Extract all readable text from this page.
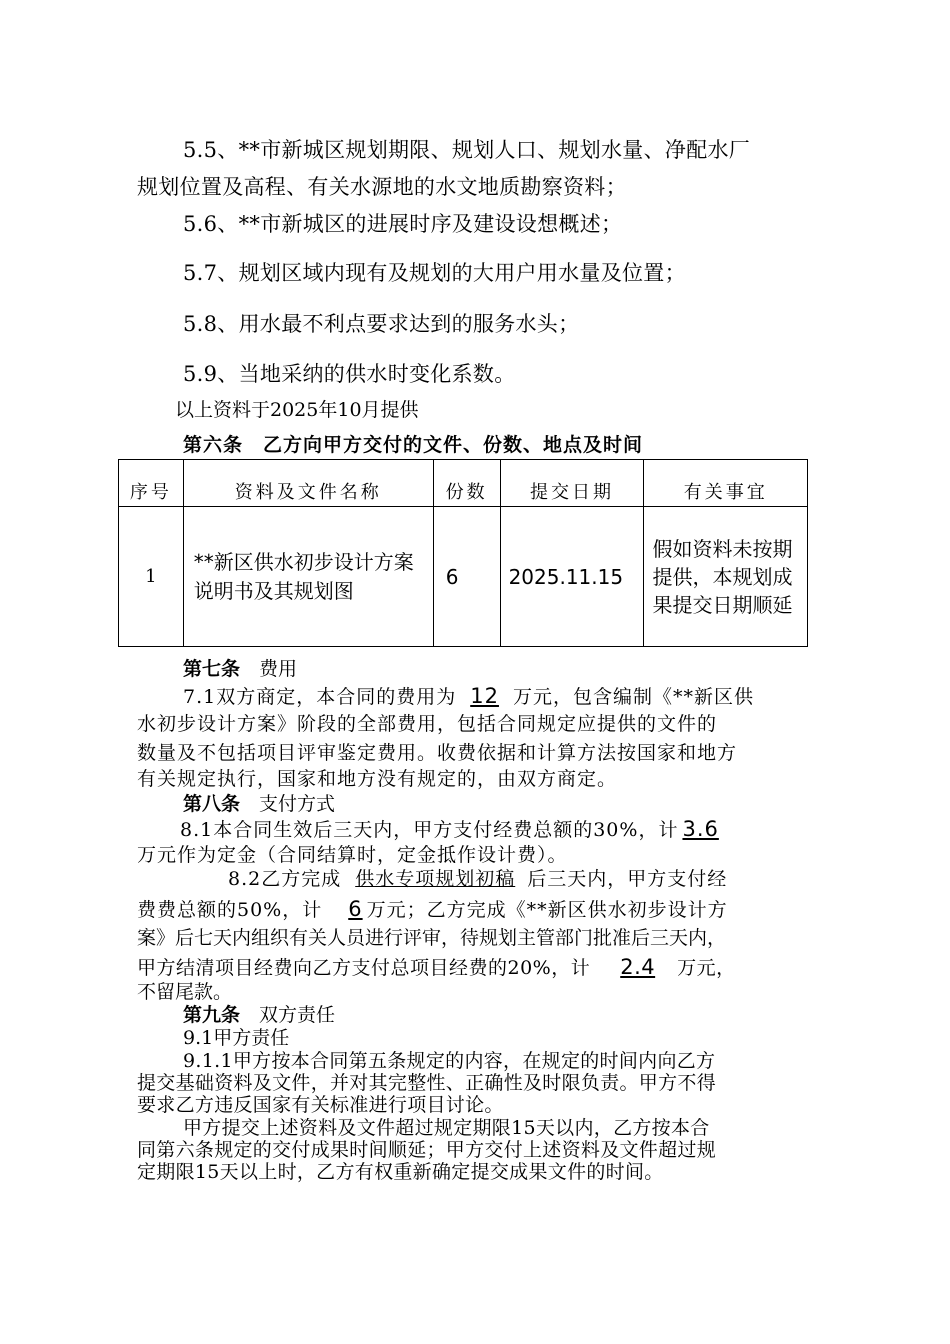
5.5、**市新城区规划期限、规划人口、规划水量、净配水厂
规划位置及高程、有关水源地的水文地质勘察资料；
5.6、**市新城区的进展时序及建设设想概述；
5.7、规划区域内现有及规划的大用户用水量及位置；
5.8、用水最不利点要求达到的服务水头；
5.9、当地采纳的供水时变化系数。
以上资料于2025年10月提供
第六条　乙方向甲方交付的文件、份数、地点及时间
序号	资料及文件名称	份数	提交日期	有关事宜
1	**新区供水初步设计方案说明书及其规划图	6	2025.11.15	假如资料未按期提供，本规划成果提交日期顺延
第七条　费用
7.1双方商定，本合同的费用为 12 万元，包含编制《**新区供
水初步设计方案》阶段的全部费用，包括合同规定应提供的文件的
数量及不包括项目评审鉴定费用。收费依据和计算方法按国家和地方
有关规定执行，国家和地方没有规定的，由双方商定。
第八条　支付方式
8.1本合同生效后三天内，甲方支付经费总额的30%，计 3.6
万元作为定金（合同结算时，定金抵作设计费）。
8.2乙方完成 供水专项规划初稿 后三天内，甲方支付经
费费总额的50%，计 6 万元；乙方完成《**新区供水初步设计方
案》后七天内组织有关人员进行评审，待规划主管部门批准后三天内，
甲方结清项目经费向乙方支付总项目经费的20%，计 2.4 万元，
不留尾款。
第九条　双方责任
9.1甲方责任
9.1.1甲方按本合同第五条规定的内容，在规定的时间内向乙方
提交基础资料及文件，并对其完整性、正确性及时限负责。甲方不得
要求乙方违反国家有关标准进行项目讨论。
甲方提交上述资料及文件超过规定期限15天以内，乙方按本合
同第六条规定的交付成果时间顺延；甲方交付上述资料及文件超过规
定期限15天以上时，乙方有权重新确定提交成果文件的时间。
